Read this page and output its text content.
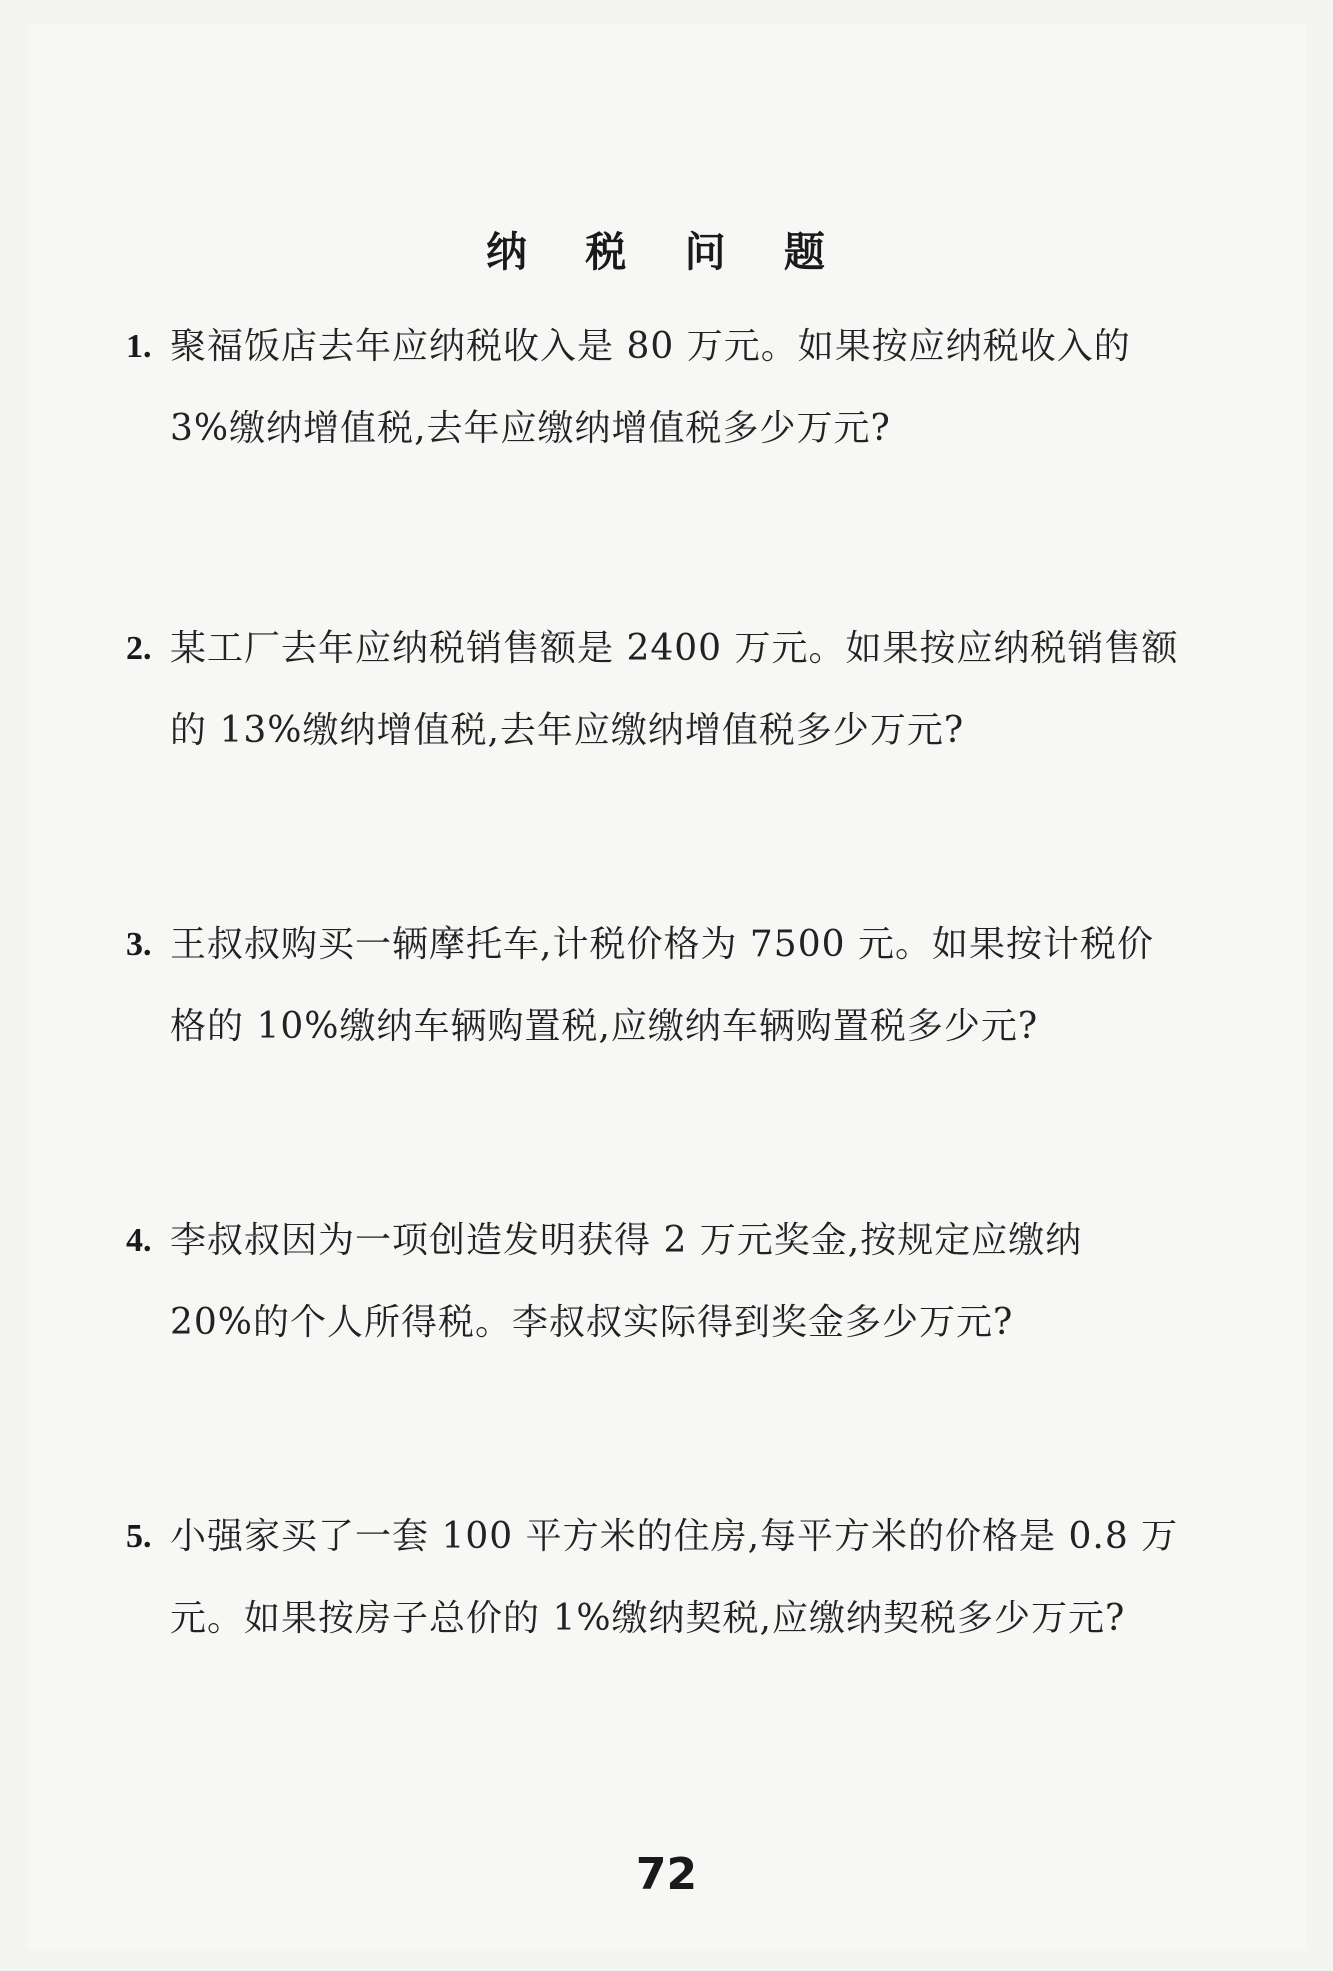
纳 税 问 题
1. 聚福饭店去年应纳税收入是 80 万元。如果按应纳税收入的
3%缴纳增值税,去年应缴纳增值税多少万元?
2. 某工厂去年应纳税销售额是 2400 万元。如果按应纳税销售额
的 13%缴纳增值税,去年应缴纳增值税多少万元?
3. 王叔叔购买一辆摩托车,计税价格为 7500 元。如果按计税价
格的 10%缴纳车辆购置税,应缴纳车辆购置税多少元?
4. 李叔叔因为一项创造发明获得 2 万元奖金,按规定应缴纳
20%的个人所得税。李叔叔实际得到奖金多少万元?
5. 小强家买了一套 100 平方米的住房,每平方米的价格是 0.8 万
元。如果按房子总价的 1%缴纳契税,应缴纳契税多少万元?
72
